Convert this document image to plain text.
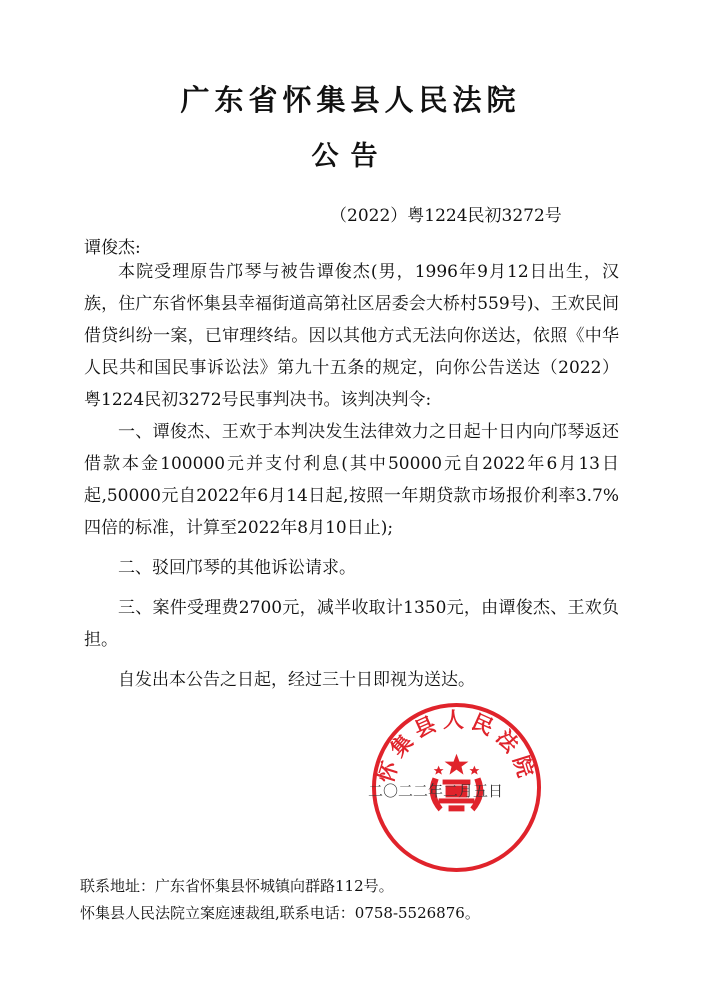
广东省怀集县人民法院
公告
（2022）粤1224民初3272号
谭俊杰:

本院受理原告邝琴与被告谭俊杰(男，1996年9月12日出生，汉族，住广东省怀集县幸福街道高第社区居委会大桥村559号)、王欢民间借贷纠纷一案，已审理终结。因以其他方式无法向你送达，依照《中华人民共和国民事诉讼法》第九十五条的规定，向你公告送达（2022）粤1224民初3272号民事判决书。该判决判令:

一、谭俊杰、王欢于本判决发生法律效力之日起十日内向邝琴返还借款本金100000元并支付利息(其中50000元自2022年6月13日起,50000元自2022年6月14日起,按照一年期贷款市场报价利率3.7%四倍的标准，计算至2022年8月10日止);

二、驳回邝琴的其他诉讼请求。

三、案件受理费2700元，减半收取计1350元，由谭俊杰、王欢负担。

自发出本公告之日起，经过三十日即视为送达。

怀集县人民法院
二〇二二年二月五日
联系地址：广东省怀集县怀城镇向群路112号。
怀集县人民法院立案庭速裁组,联系电话：0758-5526876。
